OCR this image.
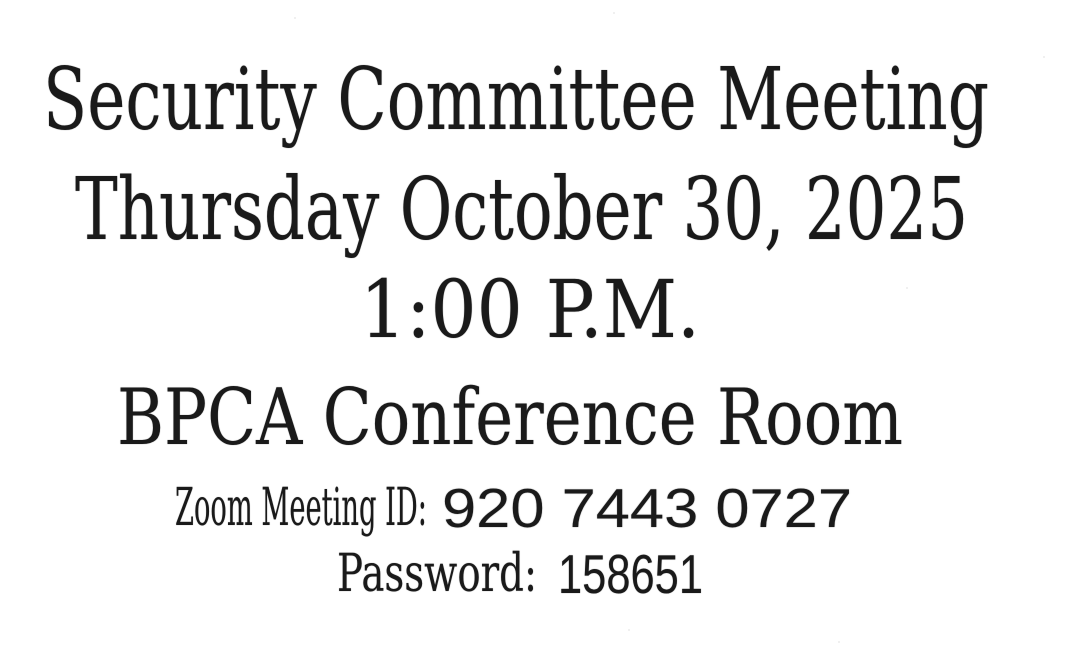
Security Committee Meeting
Thursday October 30, 2025
1:00 P.M.
BPCA Conference Room
Zoom Meeting ID: 920 7443 0727
Password: 158651
